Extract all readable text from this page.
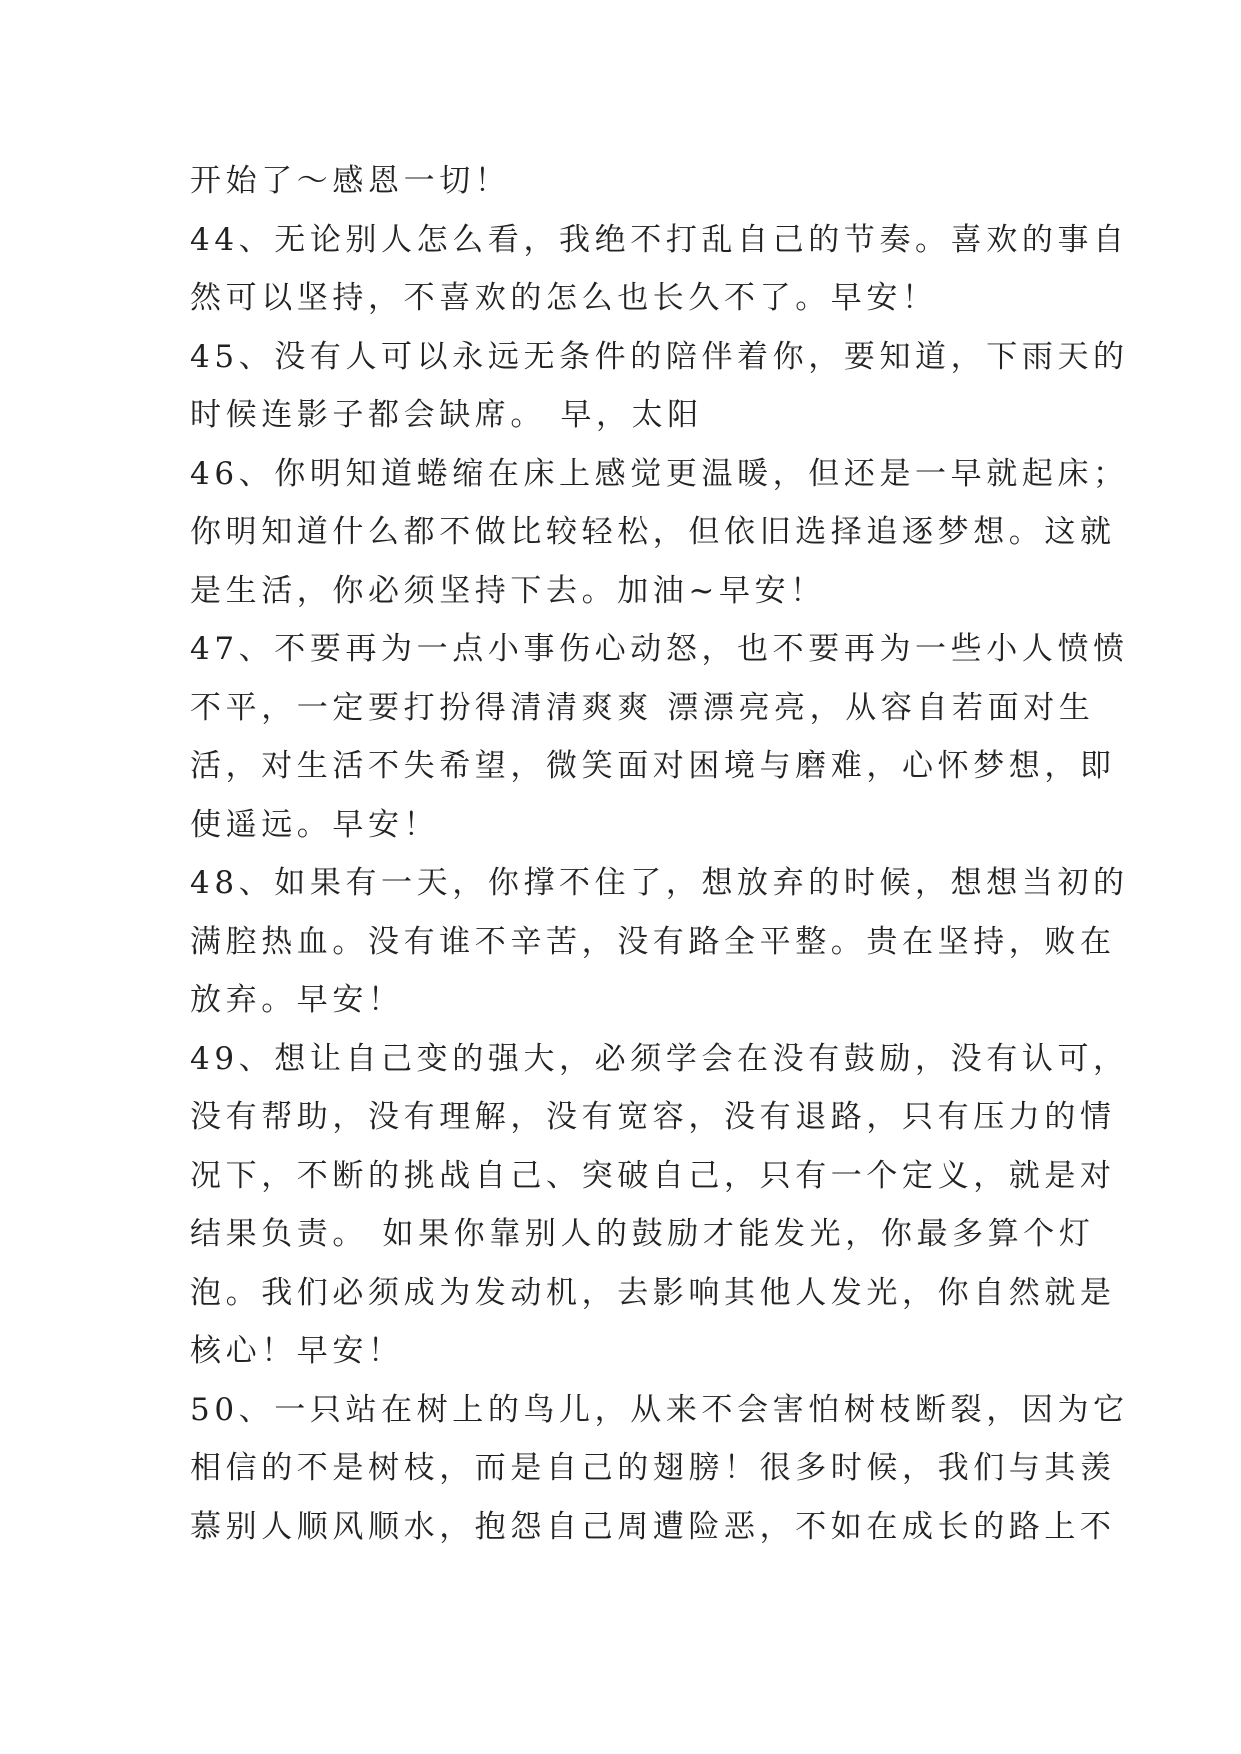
开始了～感恩一切！
44、无论别人怎么看，我绝不打乱自己的节奏。喜欢的事自
然可以坚持，不喜欢的怎么也长久不了。早安！
45、没有人可以永远无条件的陪伴着你，要知道，下雨天的
时候连影子都会缺席。 早，太阳
46、你明知道蜷缩在床上感觉更温暖，但还是一早就起床；
你明知道什么都不做比较轻松，但依旧选择追逐梦想。这就
是生活，你必须坚持下去。加油~早安！
47、不要再为一点小事伤心动怒，也不要再为一些小人愤愤
不平，一定要打扮得清清爽爽 漂漂亮亮，从容自若面对生
活，对生活不失希望，微笑面对困境与磨难，心怀梦想，即
使遥远。早安！
48、如果有一天，你撑不住了，想放弃的时候，想想当初的
满腔热血。没有谁不辛苦，没有路全平整。贵在坚持，败在
放弃。早安！
49、想让自己变的强大，必须学会在没有鼓励，没有认可，
没有帮助，没有理解，没有宽容，没有退路，只有压力的情
况下，不断的挑战自己、突破自己，只有一个定义，就是对
结果负责。 如果你靠别人的鼓励才能发光，你最多算个灯
泡。我们必须成为发动机，去影响其他人发光，你自然就是
核心！早安！
50、一只站在树上的鸟儿，从来不会害怕树枝断裂，因为它
相信的不是树枝，而是自己的翅膀！很多时候，我们与其羡
慕别人顺风顺水，抱怨自己周遭险恶，不如在成长的路上不
